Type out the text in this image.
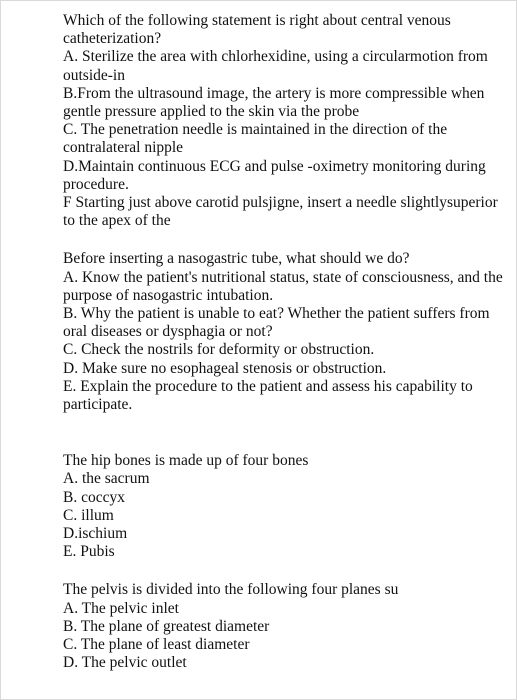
Which of the following statement is right about central venous catheterization?
A. Sterilize the area with chlorhexidine, using a circularmotion from outside-in
B.From the ultrasound image, the artery is more compressible when gentle pressure applied to the skin via the probe
C. The penetration needle is maintained in the direction of the contralateral nipple
D.Maintain continuous ECG and pulse -oximetry monitoring during procedure.
F Starting just above carotid pulsjigne, insert a needle slightlysuperior to the apex of the
Before inserting a nasogastric tube, what should we do?
A. Know the patient's nutritional status, state of consciousness, and the purpose of nasogastric intubation.
B. Why the patient is unable to eat? Whether the patient suffers from oral diseases or dysphagia or not?
C. Check the nostrils for deformity or obstruction.
D. Make sure no esophageal stenosis or obstruction.
E. Explain the procedure to the patient and assess his capability to participate.
The hip bones is made up of four bones
A. the sacrum
B. coccyx
C. illum
D.ischium
E. Pubis
The pelvis is divided into the following four planes su
A. The pelvic inlet
B. The plane of greatest diameter
C. The plane of least diameter
D. The pelvic outlet
